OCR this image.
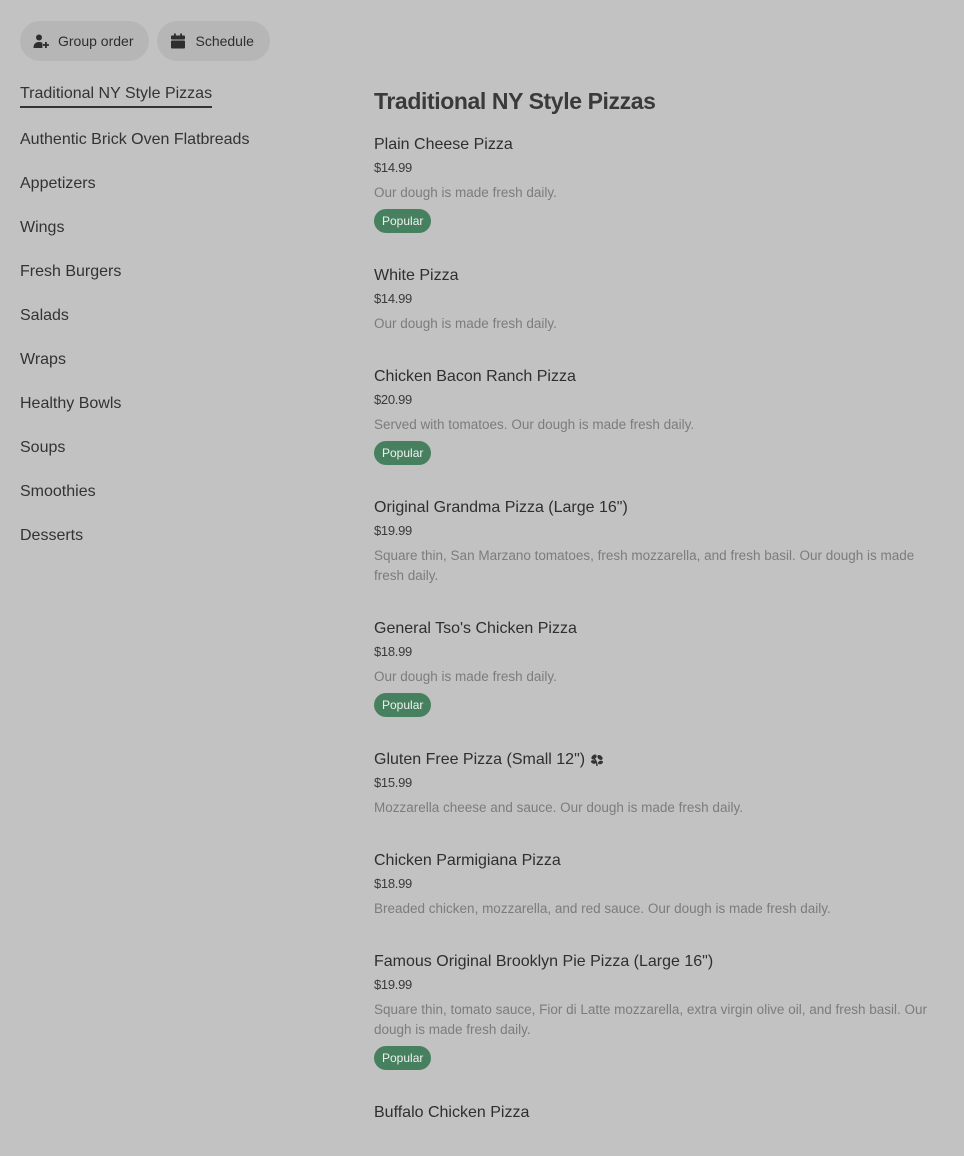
Group order	Schedule
Traditional NY Style Pizzas
Authentic Brick Oven Flatbreads
Appetizers
Wings
Fresh Burgers
Salads
Wraps
Healthy Bowls
Soups
Smoothies
Desserts
Traditional NY Style Pizzas
Plain Cheese Pizza
$14.99
Our dough is made fresh daily.
Popular
White Pizza
$14.99
Our dough is made fresh daily.
Chicken Bacon Ranch Pizza
$20.99
Served with tomatoes. Our dough is made fresh daily.
Popular
Original Grandma Pizza (Large 16")
$19.99
Square thin, San Marzano tomatoes, fresh mozzarella, and fresh basil. Our dough is made fresh daily.
General Tso's Chicken Pizza
$18.99
Our dough is made fresh daily.
Popular
Gluten Free Pizza (Small 12")
$15.99
Mozzarella cheese and sauce. Our dough is made fresh daily.
Chicken Parmigiana Pizza
$18.99
Breaded chicken, mozzarella, and red sauce. Our dough is made fresh daily.
Famous Original Brooklyn Pie Pizza (Large 16")
$19.99
Square thin, tomato sauce, Fior di Latte mozzarella, extra virgin olive oil, and fresh basil. Our dough is made fresh daily.
Popular
Buffalo Chicken Pizza
